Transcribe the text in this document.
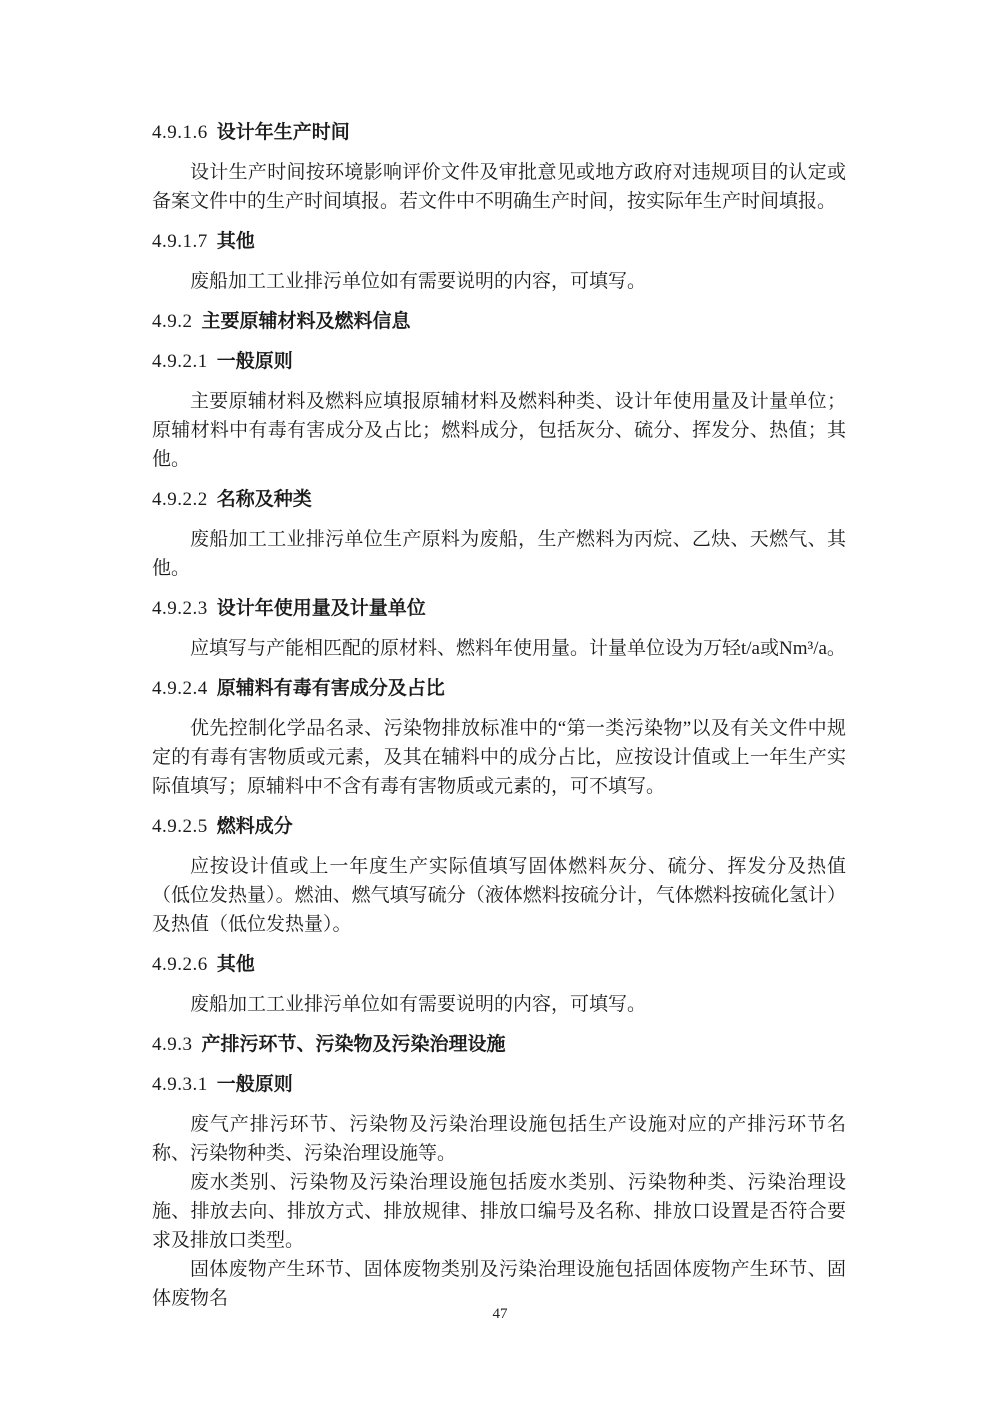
4.9.1.6 设计年生产时间

设计生产时间按环境影响评价文件及审批意见或地方政府对违规项目的认定或备案文件中的生产时间填报。若文件中不明确生产时间，按实际年生产时间填报。

4.9.1.7 其他

废船加工工业排污单位如有需要说明的内容，可填写。

4.9.2 主要原辅材料及燃料信息
4.9.2.1 一般原则

主要原辅材料及燃料应填报原辅材料及燃料种类、设计年使用量及计量单位；原辅材料中有毒有害成分及占比；燃料成分，包括灰分、硫分、挥发分、热值；其他。

4.9.2.2 名称及种类

废船加工工业排污单位生产原料为废船，生产燃料为丙烷、乙炔、天燃气、其他。

4.9.2.3 设计年使用量及计量单位

应填写与产能相匹配的原材料、燃料年使用量。计量单位设为万轻t/a或Nm³/a。

4.9.2.4 原辅料有毒有害成分及占比

优先控制化学品名录、污染物排放标准中的“第一类污染物”以及有关文件中规定的有毒有害物质或元素，及其在辅料中的成分占比，应按设计值或上一年生产实际值填写；原辅料中不含有毒有害物质或元素的，可不填写。

4.9.2.5 燃料成分

应按设计值或上一年度生产实际值填写固体燃料灰分、硫分、挥发分及热值（低位发热量）。燃油、燃气填写硫分（液体燃料按硫分计，气体燃料按硫化氢计）及热值（低位发热量）。

4.9.2.6 其他

废船加工工业排污单位如有需要说明的内容，可填写。

4.9.3 产排污环节、污染物及污染治理设施
4.9.3.1 一般原则

废气产排污环节、污染物及污染治理设施包括生产设施对应的产排污环节名称、污染物种类、污染治理设施等。

废水类别、污染物及污染治理设施包括废水类别、污染物种类、污染治理设施、排放去向、排放方式、排放规律、排放口编号及名称、排放口设置是否符合要求及排放口类型。

固体废物产生环节、固体废物类别及污染治理设施包括固体废物产生环节、固体废物名

47
